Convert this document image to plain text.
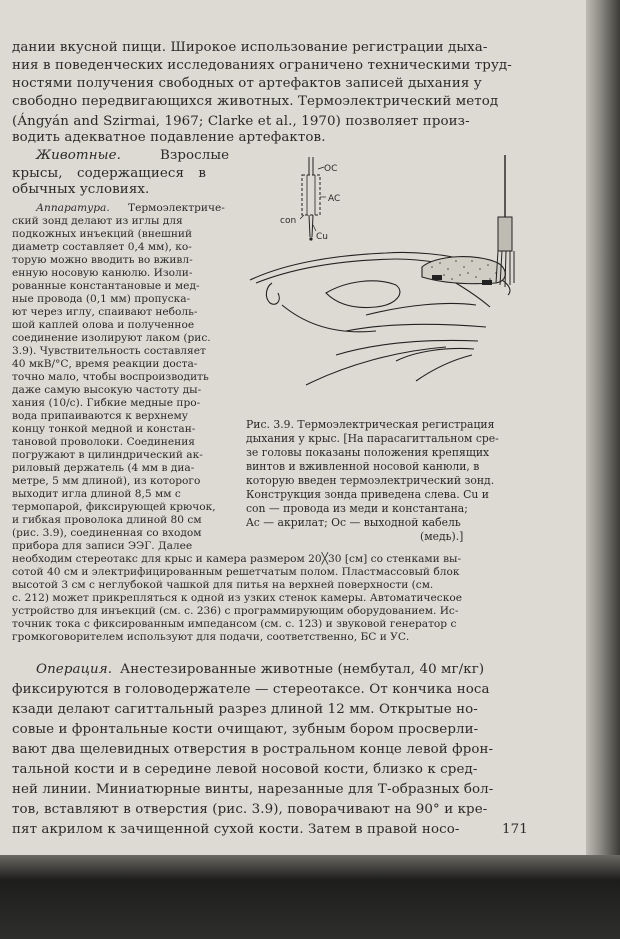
дании вкусной пищи. Широкое использование регистрации дыха-
ния в поведенческих исследованиях ограничено техническими труд-
ностями получения свободных от артефактов записей дыхания у
свободно передвигающихся животных. Термоэлектрический метод
(Ángyán and Szirmai, 1967; Clarke et al., 1970) позволяет произ-
водить адекватное подавление артефактов.
Животные.	Взрослые
крысы, содержащиеся в
обычных условиях.
Аппаратура. Термоэлектриче-
ский зонд делают из иглы для
подкожных инъекций (внешний
диаметр составляет 0,4 мм), ко-
торую можно вводить во вживл-
енную носовую канюлю. Изоли-
рованные константановые и мед-
ные провода (0,1 мм) пропуска-
ют через иглу, спаивают неболь-
шой каплей олова и полученное
соединение изолируют лаком (рис.
3.9). Чувствительность составляет
40 мкВ/°С, время реакции доста-
точно мало, чтобы воспроизводить
даже самую высокую частоту ды-
хания (10/с). Гибкие медные про-
вода припаиваются к верхнему
концу тонкой медной и констан-
тановой проволоки. Соединения
погружают в цилиндрический ак-
риловый держатель (4 мм в диа-
метре, 5 мм длиной), из которого
выходит игла длиной 8,5 мм с
термопарой, фиксирующей крючок,
и гибкая проволока длиной 80 см
(рис. 3.9), соединенная со входом
прибора для записи ЭЭГ. Далее
необходим стереотакс для крыс и камера размером 20╳30 [см] со стенками вы-
сотой 40 см и электрифицированным решетчатым полом. Пластмассовый блок
высотой 3 см с неглубокой чашкой для питья на верхней поверхности (см.
с. 212) может прикрепляться к одной из узких стенок камеры. Автоматическое
устройство для инъекций (см. с. 236) с программирующим оборудованием. Ис-
точник тока с фиксированным импедансом (см. с. 123) и звуковой генератор с
громкоговорителем используют для подачи, соответственно, БС и УС.
OC
AC
con
Cu
Рис. 3.9. Термоэлектрическая регистрация
дыхания у крыс. [На парасагиттальном сре-
зе головы показаны положения крепящих
винтов и вживленной носовой канюли, в
которую введен термоэлектрический зонд.
Конструкция зонда приведена слева. Cu и
con — провода из меди и константана;
Ac — акрилат; Oc — выходной кабель
(медь).]
Операция. Анестезированные животные (нембутал, 40 мг/кг)
фиксируются в головодержателе — стереотаксе. От кончика носа
кзади делают сагиттальный разрез длиной 12 мм. Открытые но-
совые и фронтальные кости очищают, зубным бором просверли-
вают два щелевидных отверстия в ростральном конце левой фрон-
тальной кости и в середине левой носовой кости, близко к сред-
ней линии. Миниатюрные винты, нарезанные для Т-образных бол-
тов, вставляют в отверстия (рис. 3.9), поворачивают на 90° и кре-
пят акрилом к зачищенной сухой кости. Затем в правой носо-	171
